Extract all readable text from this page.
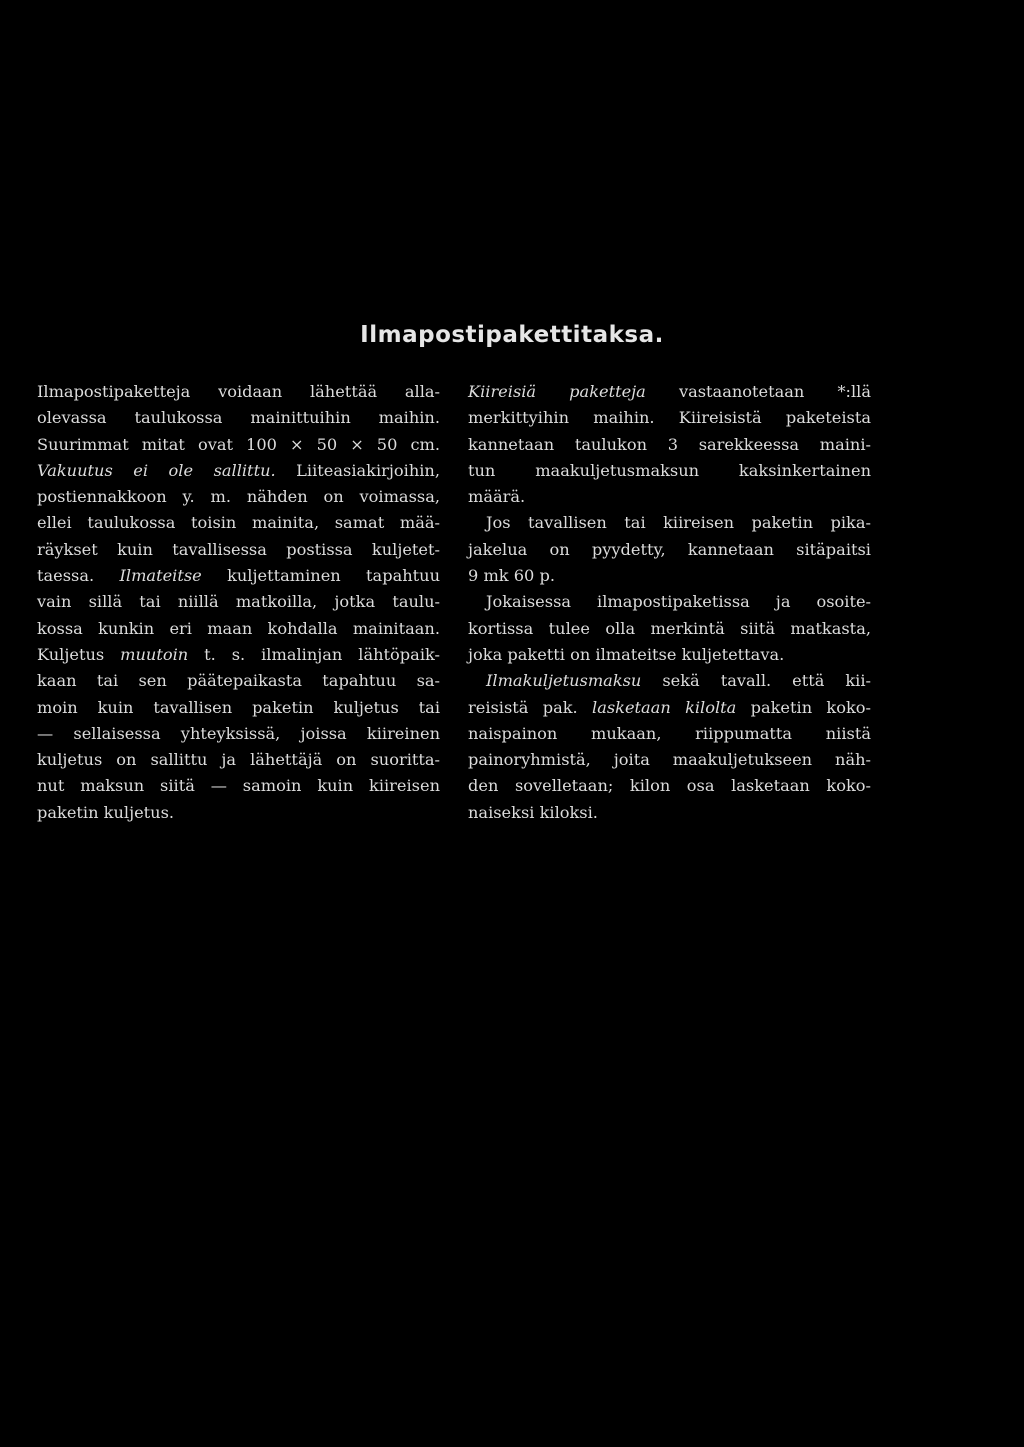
Ilmapostipakettitaksa.
Ilmapostipaketteja voidaan lähettää alla-
olevassa taulukossa mainittuihin maihin.
Suurimmat mitat ovat 100 × 50 × 50 cm.
Vakuutus ei ole sallittu. Liiteasiakirjoihin,
postiennakkoon y. m. nähden on voimassa,
ellei taulukossa toisin mainita, samat mää-
räykset kuin tavallisessa postissa kuljetet-
taessa. Ilmateitse kuljettaminen tapahtuu
vain sillä tai niillä matkoilla, jotka taulu-
kossa kunkin eri maan kohdalla mainitaan.
Kuljetus muutoin t. s. ilmalinjan lähtöpaik-
kaan tai sen päätepaikasta tapahtuu sa-
moin kuin tavallisen paketin kuljetus tai
— sellaisessa yhteyksissä, joissa kiireinen
kuljetus on sallittu ja lähettäjä on suoritta-
nut maksun siitä — samoin kuin kiireisen
paketin kuljetus.
Kiireisiä paketteja vastaanotetaan *:llä
merkittyihin maihin. Kiireisistä paketeista
kannetaan taulukon 3 sarekkeessa maini-
tun maakuljetusmaksun kaksinkertainen
määrä.
Jos tavallisen tai kiireisen paketin pika-
jakelua on pyydetty, kannetaan sitäpaitsi
9 mk 60 p.
Jokaisessa ilmapostipaketissa ja osoite-
kortissa tulee olla merkintä siitä matkasta,
joka paketti on ilmateitse kuljetettava.
Ilmakuljetusmaksu sekä tavall. että kii-
reisistä pak. lasketaan kilolta paketin koko-
naispainon mukaan, riippumatta niistä
painoryhmistä, joita maakuljetukseen näh-
den sovelletaan; kilon osa lasketaan koko-
naiseksi kiloksi.
